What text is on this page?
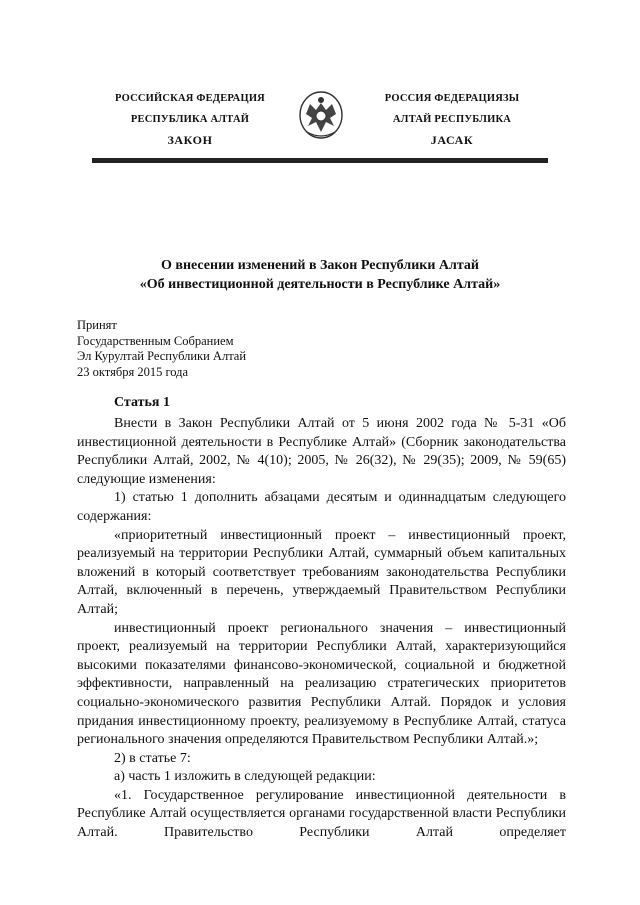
РОССИЙСКАЯ ФЕДЕРАЦИЯ
РЕСПУБЛИКА АЛТАЙ
ЗАКОН
РОССИЯ ФЕДЕРАЦИЯЗЫ
АЛТАЙ РЕСПУБЛИКА
JАСАК
О внесении изменений в Закон Республики Алтай
«Об инвестиционной деятельности в Республике Алтай»
Принят
Государственным Собранием
Эл Курултай Республики Алтай
23 октября 2015 года
Статья 1

Внести в Закон Республики Алтай от 5 июня 2002 года № 5-31 «Об инвестиционной деятельности в Республике Алтай» (Сборник законодательства Республики Алтай, 2002, № 4(10); 2005, № 26(32), № 29(35); 2009, № 59(65) следующие изменения:

1) статью 1 дополнить абзацами десятым и одиннадцатым следующего содержания:

«приоритетный инвестиционный проект – инвестиционный проект, реализуемый на территории Республики Алтай, суммарный объем капитальных вложений в который соответствует требованиям законодательства Республики Алтай, включенный в перечень, утверждаемый Правительством Республики Алтай;

инвестиционный проект регионального значения – инвестиционный проект, реализуемый на территории Республики Алтай, характеризующийся высокими показателями финансово-экономической, социальной и бюджетной эффективности, направленный на реализацию стратегических приоритетов социально-экономического развития Республики Алтай. Порядок и условия придания инвестиционному проекту, реализуемому в Республике Алтай, статуса регионального значения определяются Правительством Республики Алтай.»;

2) в статье 7:

а) часть 1 изложить в следующей редакции:

«1. Государственное регулирование инвестиционной деятельности в Республике Алтай осуществляется органами государственной власти Республики Алтай. Правительство Республики Алтай определяет
